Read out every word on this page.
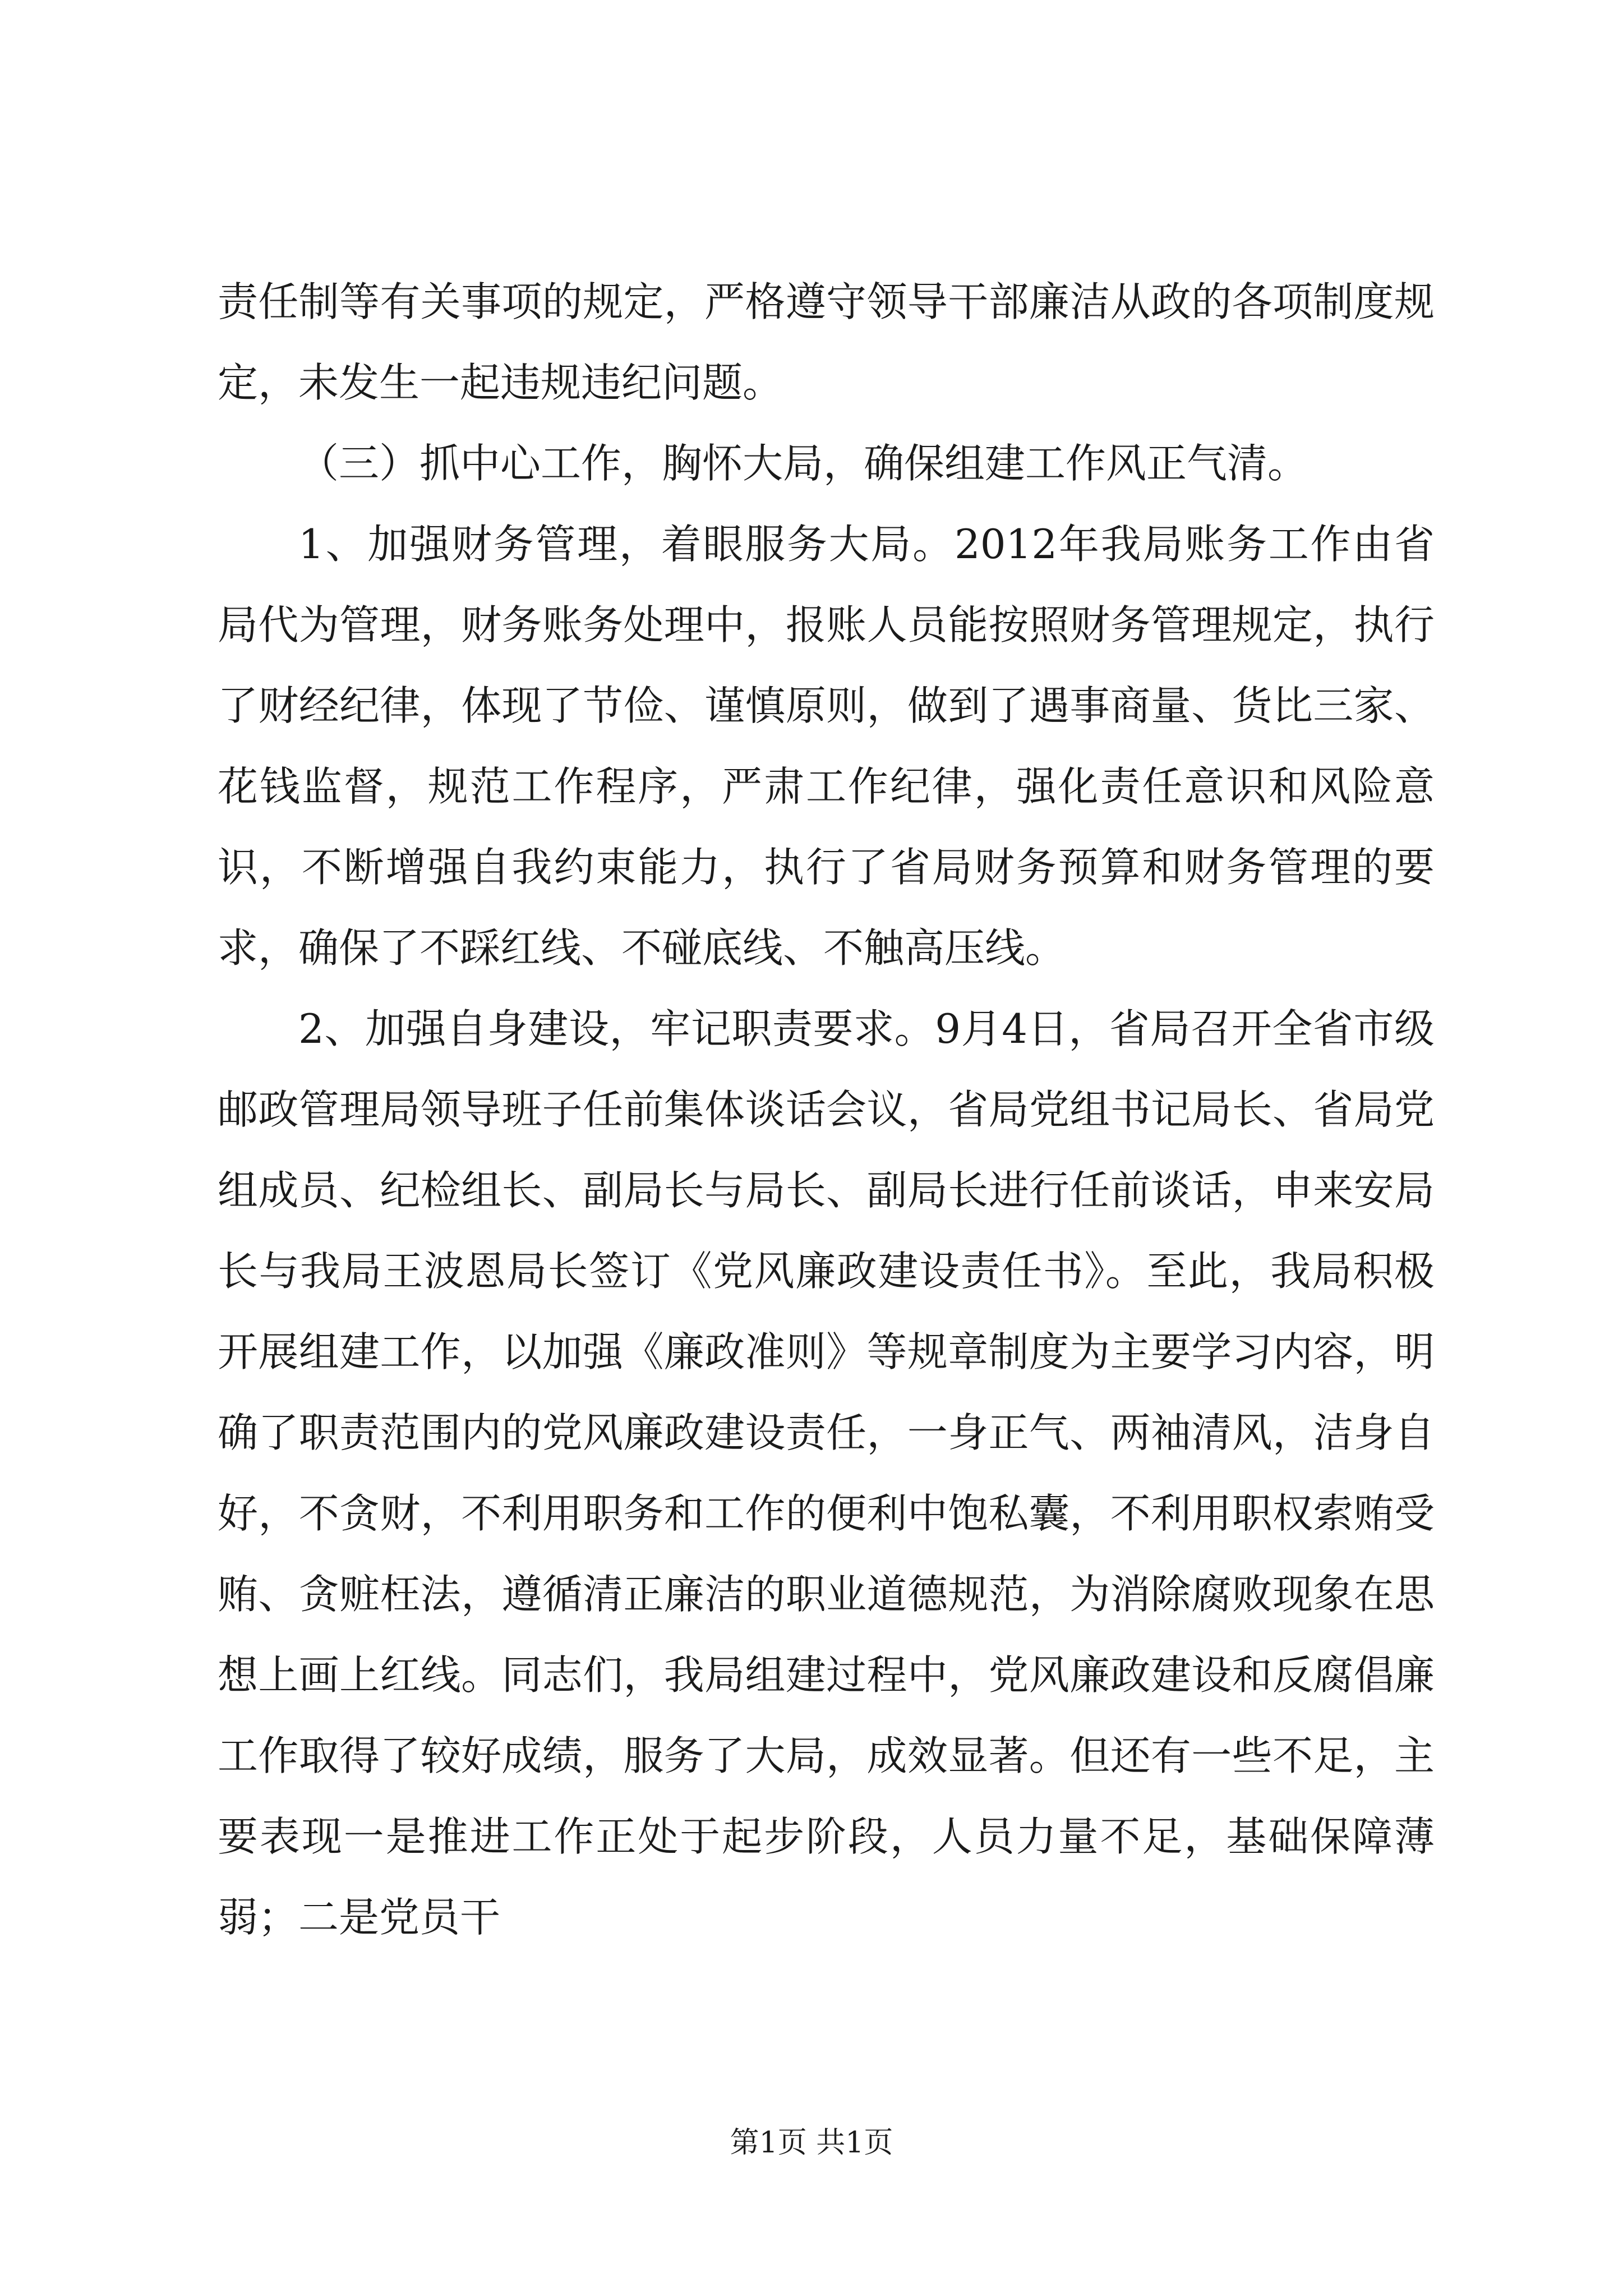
责任制等有关事项的规定，严格遵守领导干部廉洁从政的各项制度规定，未发生一起违规违纪问题。

（三）抓中心工作，胸怀大局，确保组建工作风正气清。

1、加强财务管理，着眼服务大局。2012年我局账务工作由省局代为管理，财务账务处理中，报账人员能按照财务管理规定，执行了财经纪律，体现了节俭、谨慎原则，做到了遇事商量、货比三家、花钱监督，规范工作程序，严肃工作纪律，强化责任意识和风险意识，不断增强自我约束能力，执行了省局财务预算和财务管理的要求，确保了不踩红线、不碰底线、不触高压线。

2、加强自身建设，牢记职责要求。9月4日，省局召开全省市级邮政管理局领导班子任前集体谈话会议，省局党组书记局长、省局党组成员、纪检组长、副局长与局长、副局长进行任前谈话，申来安局长与我局王波恩局长签订《党风廉政建设责任书》。至此，我局积极开展组建工作，以加强《廉政准则》等规章制度为主要学习内容，明确了职责范围内的党风廉政建设责任，一身正气、两袖清风，洁身自好，不贪财，不利用职务和工作的便利中饱私囊，不利用职权索贿受贿、贪赃枉法，遵循清正廉洁的职业道德规范，为消除腐败现象在思想上画上红线。同志们，我局组建过程中，党风廉政建设和反腐倡廉工作取得了较好成绩，服务了大局，成效显著。但还有一些不足，主要表现一是推进工作正处于起步阶段，人员力量不足，基础保障薄弱；二是党员干

第1页 共1页
